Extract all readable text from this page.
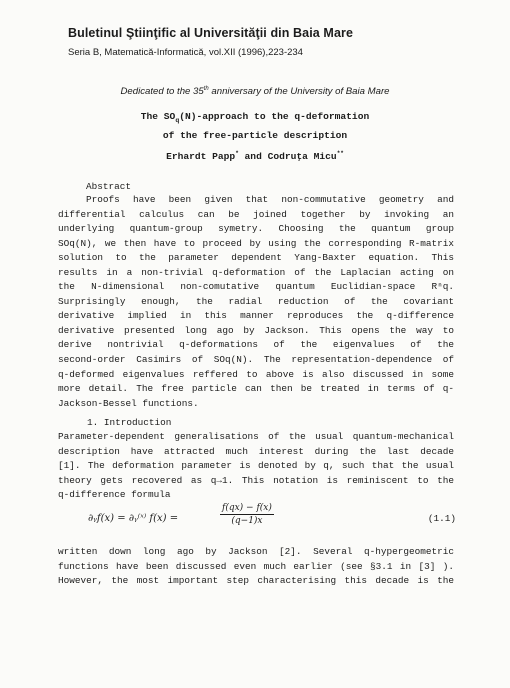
Buletinul Ştiinţific al Universităţii din Baia Mare
Seria B, Matematică-Informatică, vol.XII (1996),223-234
Dedicated to the 35th anniversary of the University of Baia Mare
The $SO_q(N)$-approach to the q-deformation
of the free-particle description
Erhardt Papp* and Codruţa Micu**
Abstract
Proofs have been given that non-commutative geometry and
differential calculus can be joined together by invoking an
underlying quantum-group symetry. Choosing the quantum group
SOq(N), we then have to proceed by using the corresponding R-matrix
solution to the parameter dependent Yang-Baxter equation. This
results in a non-trivial q-deformation of the Laplacian acting on
the N-dimensional non-comutative quantum Euclidian-space Rⁿq.
Surprisingly enough, the radial reduction of the covariant
derivative implied in this manner reproduces the q-difference
derivative presented long ago by Jackson. This opens the way to
derive nontrivial q-deformations of the eigenvalues of the
second-order Casimirs of SOq(N). The representation-dependence of
q-deformed eigenvalues reffered to above is also discussed in some
more detail. The free particle can then be treated in terms of q-
Jackson-Bessel functions.
1. Introduction
Parameter-dependent generalisations of the usual quantum-mechanical
description have attracted much interest during the last decade
[1]. The deformation parameter is denoted by q, such that the usual
theory gets recovered as q→1. This notation is reminiscent to the
q-difference formula
∂ᵧf(x) = ∂ᵧ⁽ˣ⁾ f(x) =	$\frac{f(qx) - f(x)}{(q-1)x}$	(1.1)
written down long ago by Jackson [2]. Several q-hypergeometric
functions have been discussed even much earlier (see §3.1 in [3] ).
However, the most important step characterising this decade is the
